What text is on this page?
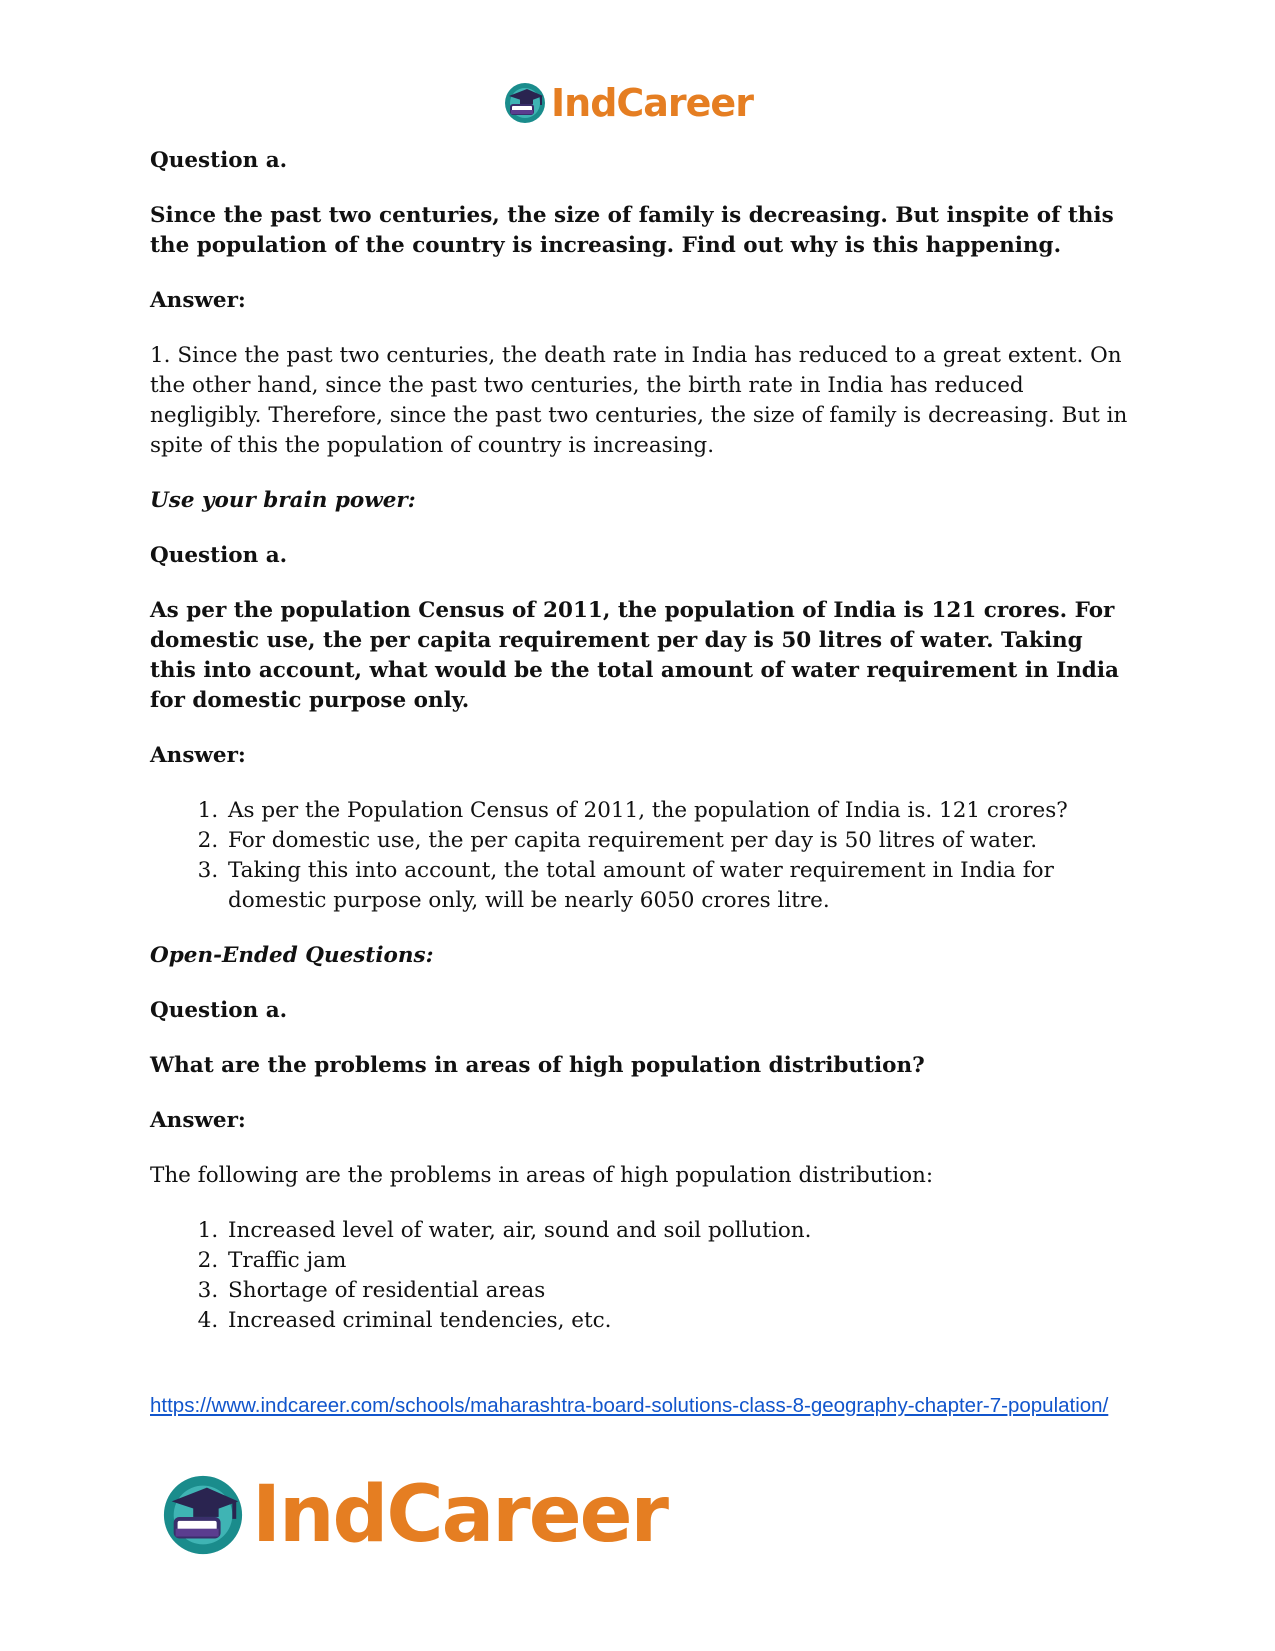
IndCareer

Question a.

Since the past two centuries, the size of family is decreasing. But inspite of this the population of the country is increasing. Find out why is this happening.

Answer:

1. Since the past two centuries, the death rate in India has reduced to a great extent. On the other hand, since the past two centuries, the birth rate in India has reduced negligibly. Therefore, since the past two centuries, the size of family is decreasing. But in spite of this the population of country is increasing.

Use your brain power:

Question a.

As per the population Census of 2011, the population of India is 121 crores. For domestic use, the per capita requirement per day is 50 litres of water. Taking this into account, what would be the total amount of water requirement in India for domestic purpose only.

Answer:

1. As per the Population Census of 2011, the population of India is. 121 crores?
2. For domestic use, the per capita requirement per day is 50 litres of water.
3. Taking this into account, the total amount of water requirement in India for domestic purpose only, will be nearly 6050 crores litre.

Open-Ended Questions:

Question a.

What are the problems in areas of high population distribution?

Answer:

The following are the problems in areas of high population distribution:

1. Increased level of water, air, sound and soil pollution.
2. Traffic jam
3. Shortage of residential areas
4. Increased criminal tendencies, etc.
https://www.indcareer.com/schools/maharashtra-board-solutions-class-8-geography-chapter-7-population/
IndCareer
